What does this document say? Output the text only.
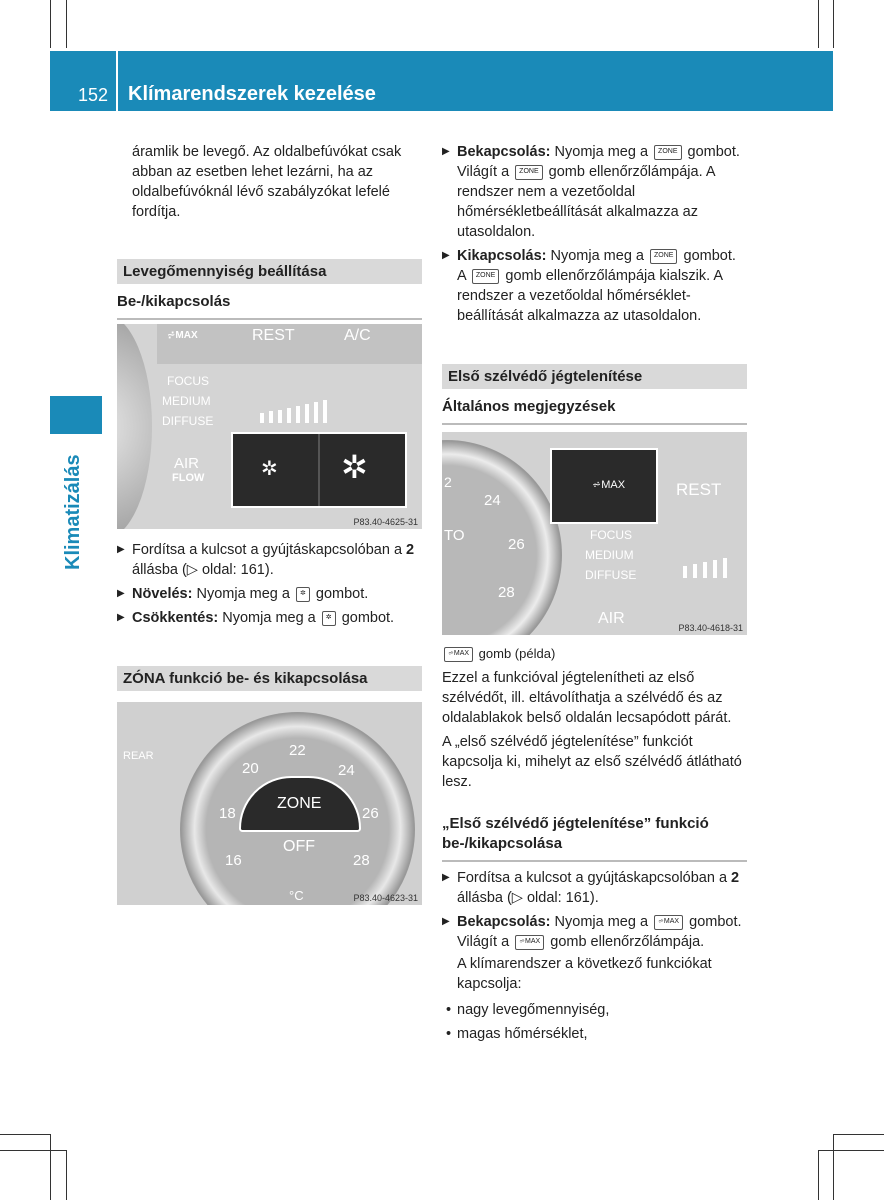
152 Klímarendszerek kezelése
Klimatizálás

áramlik be levegő. Az oldalbefúvókat csak abban az esetben lehet lezárni, ha az oldalbefúvóknál lévő szabályzókat lefelé fordítja.

Levegőmennyiség beállítása
Be-/kikapcsolás
⩫MAX	REST	A/C
FOCUS
MEDIUM
DIFFUSE
AIR
FLOW	✲ ✲
P83.40-4625-31
▶ Fordítsa a kulcsot a gyújtáskapcsolóban a 2 állásba (▷ oldal: 161).
▶ Növelés: Nyomja meg a ✲ gombot.
▶ Csökkentés: Nyomja meg a ✲ gombot.
ZÓNA funkció be- és kikapcsolása
REAR	22
20	24
18	26
16	28
ZONE
OFF
°C	P83.40-4623-31
▶ Bekapcsolás: Nyomja meg a ZONE gombot.
Világít a ZONE gomb ellenőrzőlámpája. A rendszer nem a vezetőoldal hőmérsékletbeállítását alkalmazza az utasoldalon.
▶ Kikapcsolás: Nyomja meg a ZONE gombot.
A ZONE gomb ellenőrzőlámpája kialszik. A rendszer a vezetőoldal hőmérséklet-beállítását alkalmazza az utasoldalon.
Első szélvédő jégtelenítése
Általános megjegyzések
2
24
TO
26
28
⩫MAX	REST
FOCUS
MEDIUM
DIFFUSE
AIR
P83.40-4618-31
⩫MAX gomb (példa)

Ezzel a funkcióval jégtelenítheti az első szélvédőt, ill. eltávolíthatja a szélvédő és az oldalablakok belső oldalán lecsapódott párát.

A „első szélvédő jégtelenítése” funkciót kapcsolja ki, mihelyt az első szélvédő átlátható lesz.

„Első szélvédő jégtelenítése” funkció be-/kikapcsolása
▶ Fordítsa a kulcsot a gyújtáskapcsolóban a 2 állásba (▷ oldal: 161).
▶ Bekapcsolás: Nyomja meg a ⩫MAX gombot.
Világít a ⩫MAX gomb ellenőrzőlámpája.
A klímarendszer a következő funkciókat kapcsolja:
• nagy levegőmennyiség,
• magas hőmérséklet,
